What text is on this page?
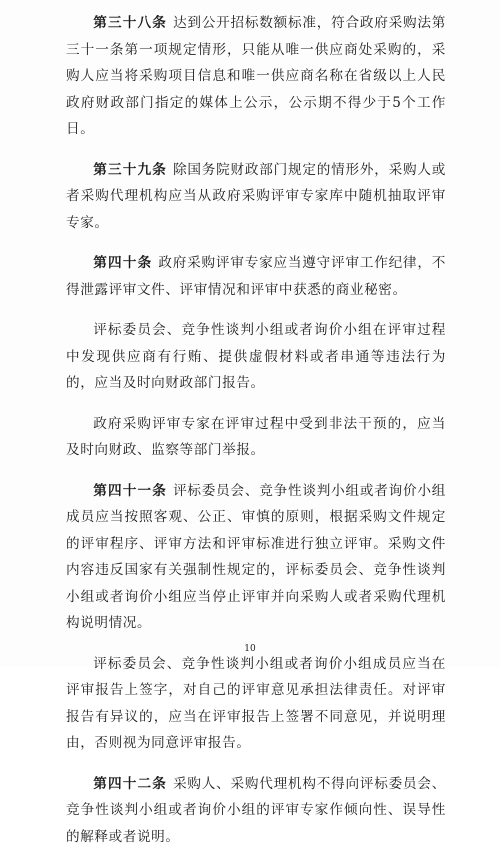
第三十八条 达到公开招标数额标准，符合政府采购法第三十一条第一项规定情形，只能从唯一供应商处采购的，采购人应当将采购项目信息和唯一供应商名称在省级以上人民政府财政部门指定的媒体上公示，公示期不得少于5个工作日。

第三十九条 除国务院财政部门规定的情形外，采购人或者采购代理机构应当从政府采购评审专家库中随机抽取评审专家。

第四十条 政府采购评审专家应当遵守评审工作纪律，不得泄露评审文件、评审情况和评审中获悉的商业秘密。

评标委员会、竞争性谈判小组或者询价小组在评审过程中发现供应商有行贿、提供虚假材料或者串通等违法行为的，应当及时向财政部门报告。

政府采购评审专家在评审过程中受到非法干预的，应当及时向财政、监察等部门举报。

第四十一条 评标委员会、竞争性谈判小组或者询价小组成员应当按照客观、公正、审慎的原则，根据采购文件规定的评审程序、评审方法和评审标准进行独立评审。采购文件内容违反国家有关强制性规定的，评标委员会、竞争性谈判小组或者询价小组应当停止评审并向采购人或者采购代理机构说明情况。

评标委员会、竞争性谈判小组或者询价小组成员应当在评审报告上签字，对自己的评审意见承担法律责任。对评审报告有异议的，应当在评审报告上签署不同意见，并说明理由，否则视为同意评审报告。

第四十二条 采购人、采购代理机构不得向评标委员会、竞争性谈判小组或者询价小组的评审专家作倾向性、误导性的解释或者说明。

10
